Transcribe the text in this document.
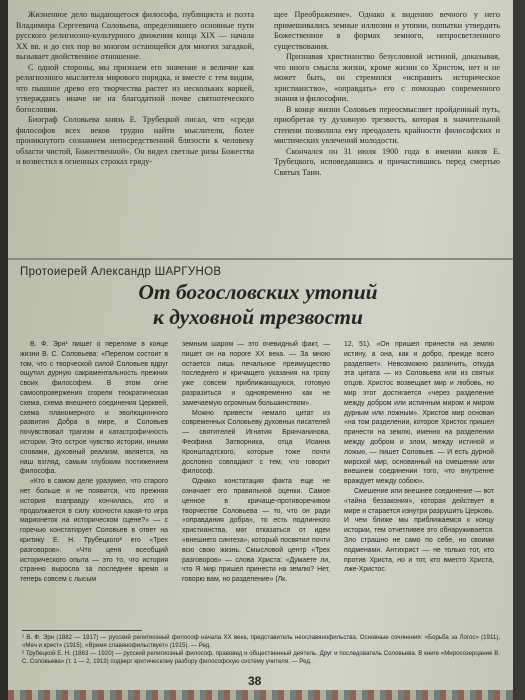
Жизненное дело выдающегося философа, публициста и поэта Владимира Сергеевича Соловьева, определившего основные пути русского религиозно-культурного движения конца XIX — начала XX вв. и до сих пор во многом остающейся для многих загадкой, вызывает двойственное отношение.

С одной стороны, мы признаем его значение и величие как религиозного мыслителя мирового порядка, и вместе с тем видим, что пышное древо его творчества растет из нескольких корней, утверждаясь иначе не на благодатной почве святоотеческого богословия.

Биограф Соловьева князь Е. Трубецкой писал, что «среди философов всех веков трудно найти мыслителя, более проникнутого сознанием непосредственной близости к человеку области чистой, Божественной». Он видел светлые ризы Божества и возвестил в огненных строках гряду-

щее Преображение». Однако к видению вечного у него примешивались земные иллюзии и утопии, попытки утвердить Божественное в формах земного, непросветленного существования.

Признавая христианство безусловной истиной, доказывая, что иного смысла жизни, кроме жизни со Христом, нет и не может быть, он стремился «исправить историческое христианство», «оправдать» его с помощью современного знания и философии.

В конце жизни Соловьев переосмысляет пройденный путь, приобретая ту духовную трезвость, которая в значительной степени позволила ему преодолеть крайности философских и мистических увлечений молодости.

Скончался он 31 июля 1900 года в имении князя Е. Трубецкого, исповедавшись и причастившись перед смертью Святых Таин.

Протоиерей Александр ШАРГУНОВ
От богословских утопий
к духовной трезвости

В. Ф. Эрн¹ пишет о переломе в конце жизни В. С. Соловьева: «Перелом состоит в том, что с творческой силой Соловьев вдруг ощутил дурную сакраментальность прежних своих философем. В этом огне самоопровержения сгорели теократическая схема, схема внешнего соединения Церквей, схема планомерного и эволюционного развития Добра в мире, и Соловьев почувствовал трагизм и катастрофичность истории. Это острое чувство истории, иными словами, духовный реализм, является, на наш взгляд, самым глубоким постижением философа.

«Кто в самом деле уразумел, что старого нет больше и не появится, что прежняя история взаправду кончилась, кто и продолжается в силу косности какая-то игра марионеток на историческом сцене?» — с горечью констатирует Соловьев в ответ на критику Е. Н. Трубецкого² его «Трех разговоров». «Что ценя всеобщий исторического опыта — это то, что история странно выросла за последнее время и теперь совсем с лысым

земным шаром — это очевидный факт, — пишет он на пороге XX века. — За мною остается лишь печальное преимущество последнего и кричащего указания на грозу уже совсем приближающуюся, готовую разразиться и одновременно как не замечаемую огромным большинством».

Можно привести немало цитат из современных Соловьеву духовных писателей — святителей Игнатия Брянчанинова, Феофана Затворника, отца Иоанна Кронштадтского, которые тоже почти дословно совпадают с тем, что говорит философ.

Однако констатация факта еще не означает его правильной оценки. Самое ценное в кричаще-противоречивом творчестве Соловьева — то, что он ради «оправдания добра», то есть подлинного христианства, мог отказаться от идеи «внешнего синтеза», который посвятил почти всю свою жизнь. Смысловой центр «Трех разговоров» — слова Христа: «Думаете ли, что Я мир пришел принести на землю? Нет, говорю вам, но разделение» (Лк.

12, 51). «Он пришел принести на землю истину, а она, как и добро, прежде всего разделяет». Невозможно различить, откуда эта цитата — из Соловьева или из святых отцов. Христос возвещает мир и любовь, но мир этот достигается «через разделение между добром или истинным миром и миром дурным или ложным». Христов мир основан «на том разделении, которое Христос пришел принести на землю, именно на разделении между добром и злом, между истиной и ложью, — пишет Соловьев. — И есть дурной мирской мир, основанный на смешении или внешнем соединении того, что внутренне враждует между собою».

Смешение или внешнее соединение — вот «тайна беззакония», которая действует в мире и старается изнутри разрушить Церковь. И чем ближе мы приближаемся к концу истории, тем отчетливее это обнаруживается. Зло страшно не само по себе, но своими подменами. Антихрист — не только тот, кто против Христа, но и тот, кто вместо Христа, лже-Христос.

¹ В. Ф. Эрн (1882 — 1917) — русский религиозный философ начала XX века, представитель неославянофильства. Основные сочинения: «Борьба за Логос» (1911), «Меч и крест» (1915), «Время славянофильствует» (1915). — Ред.

² Трубецкой Е. Н. (1863 — 1920) — русский религиозный философ, правовед и общественный деятель. Друг и последователь Соловьева. В книге «Миросозерцание В. С. Соловьева» (т. 1 — 2, 1913) подверг критическому разбору философскую систему учителя. — Ред.

38
